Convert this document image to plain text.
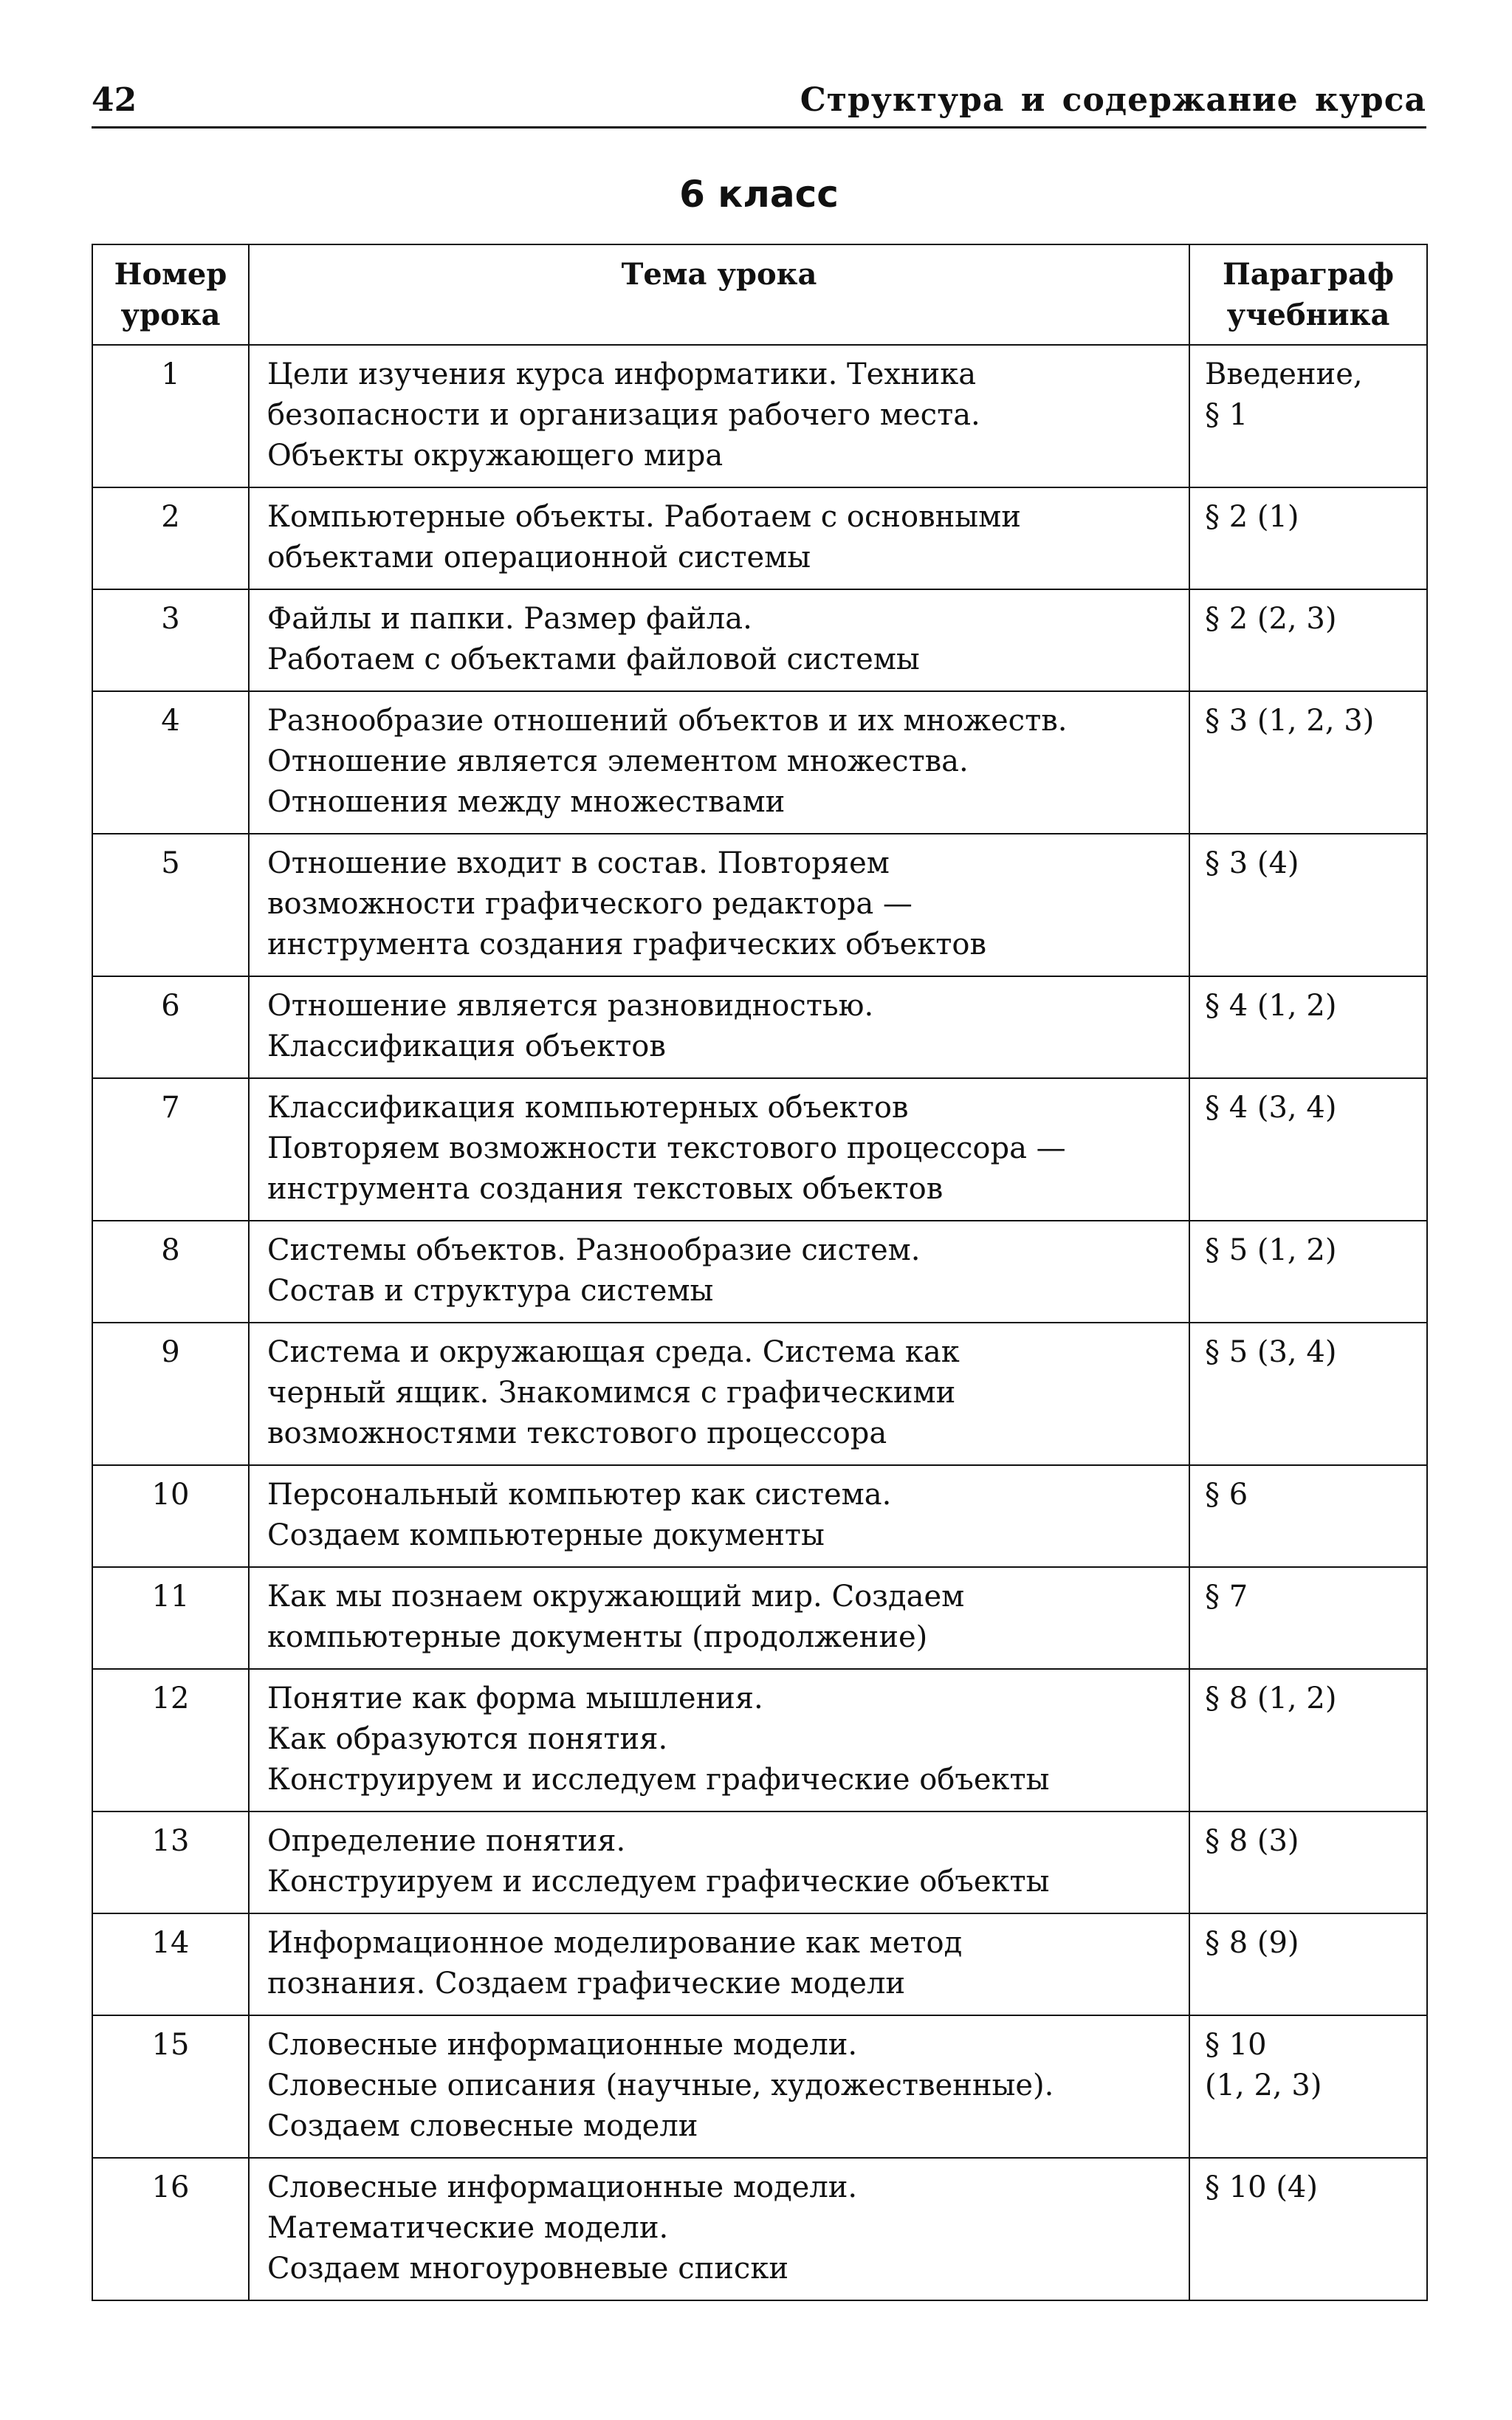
42	Структура и содержание курса
6 класс
Номер
урока	Тема урока	Параграф
учебника

1	Цели изучения курса информатики. Техника
безопасности и организация рабочего места.
Объекты окружающего мира	Введение,
§ 1

2	Компьютерные объекты. Работаем с основными
объектами операционной системы	§ 2 (1)

3	Файлы и папки. Размер файла.
Работаем с объектами файловой системы	§ 2 (2, 3)

4	Разнообразие отношений объектов и их множеств.
Отношение является элементом множества.
Отношения между множествами	§ 3 (1, 2, 3)

5	Отношение входит в состав. Повторяем
возможности графического редактора —
инструмента создания графических объектов	§ 3 (4)

6	Отношение является разновидностью.
Классификация объектов	§ 4 (1, 2)

7	Классификация компьютерных объектов
Повторяем возможности текстового процессора —
инструмента создания текстовых объектов	§ 4 (3, 4)

8	Системы объектов. Разнообразие систем.
Состав и структура системы	§ 5 (1, 2)

9	Система и окружающая среда. Система как
черный ящик. Знакомимся с графическими
возможностями текстового процессора	§ 5 (3, 4)

10	Персональный компьютер как система.
Создаем компьютерные документы	§ 6

11	Как мы познаем окружающий мир. Создаем
компьютерные документы (продолжение)	§ 7

12	Понятие как форма мышления.
Как образуются понятия.
Конструируем и исследуем графические объекты	§ 8 (1, 2)

13	Определение понятия.
Конструируем и исследуем графические объекты	§ 8 (3)

14	Информационное моделирование как метод
познания. Создаем графические модели	§ 8 (9)

15	Словесные информационные модели.
Словесные описания (научные, художественные).
Создаем словесные модели	§ 10
(1, 2, 3)

16	Словесные информационные модели.
Математические модели.
Создаем многоуровневые списки	§ 10 (4)
